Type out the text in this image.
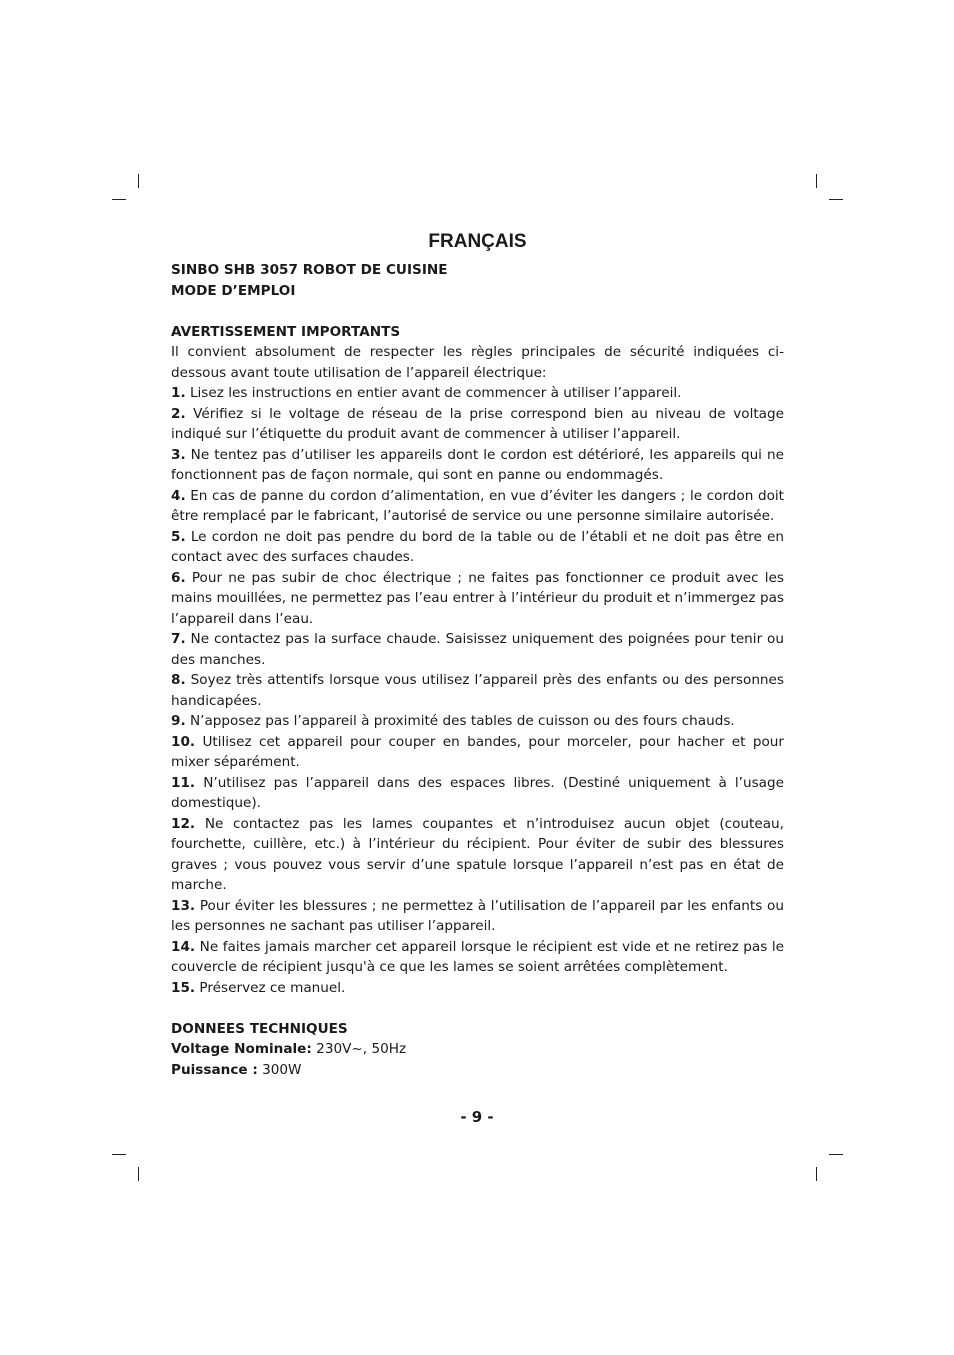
FRANÇAIS
SINBO SHB 3057 ROBOT DE CUISINE
MODE D’EMPLOI
AVERTISSEMENT IMPORTANTS
Il convient absolument de respecter les règles principales de sécurité indiquées ci-dessous avant toute utilisation de l’appareil électrique:
1. Lisez les instructions en entier avant de commencer à utiliser l’appareil.
2. Vérifiez si le voltage de réseau de la prise correspond bien au niveau de voltage indiqué sur l’étiquette du produit avant de commencer à utiliser l’appareil.
3. Ne tentez pas d’utiliser les appareils dont le cordon est détérioré, les appareils qui ne fonctionnent pas de façon normale, qui sont en panne ou endommagés.
4. En cas de panne du cordon d’alimentation, en vue d’éviter les dangers ; le cordon doit être remplacé par le fabricant, l’autorisé de service ou une personne similaire autorisée.
5. Le cordon ne doit pas pendre du bord de la table ou de l’établi et ne doit pas être en contact avec des surfaces chaudes.
6. Pour ne pas subir de choc électrique ; ne faites pas fonctionner ce produit avec les mains mouillées, ne permettez pas l’eau entrer à l’intérieur du produit et n’immergez pas l’appareil dans l’eau.
7. Ne contactez pas la surface chaude. Saisissez uniquement des poignées pour tenir ou des manches.
8. Soyez très attentifs lorsque vous utilisez l’appareil près des enfants ou des personnes handicapées.
9. N’apposez pas l’appareil à proximité des tables de cuisson ou des fours chauds.
10. Utilisez cet appareil pour couper en bandes, pour morceler, pour hacher et pour mixer séparément.
11. N’utilisez pas l’appareil dans des espaces libres. (Destiné uniquement à l’usage domestique).
12. Ne contactez pas les lames coupantes et n’introduisez aucun objet (couteau, fourchette, cuillère, etc.) à l’intérieur du récipient. Pour éviter de subir des blessures graves ; vous pouvez vous servir d’une spatule lorsque l’appareil n’est pas en état de marche.
13. Pour éviter les blessures ; ne permettez à l’utilisation de l’appareil par les enfants ou les personnes ne sachant pas utiliser l’appareil.
14. Ne faites jamais marcher cet appareil lorsque le récipient est vide et ne retirez pas le couvercle de récipient jusqu'à ce que les lames se soient arrêtées complètement.
15. Préservez ce manuel.
DONNEES TECHNIQUES
Voltage Nominale: 230V~, 50Hz
Puissance : 300W
- 9 -
